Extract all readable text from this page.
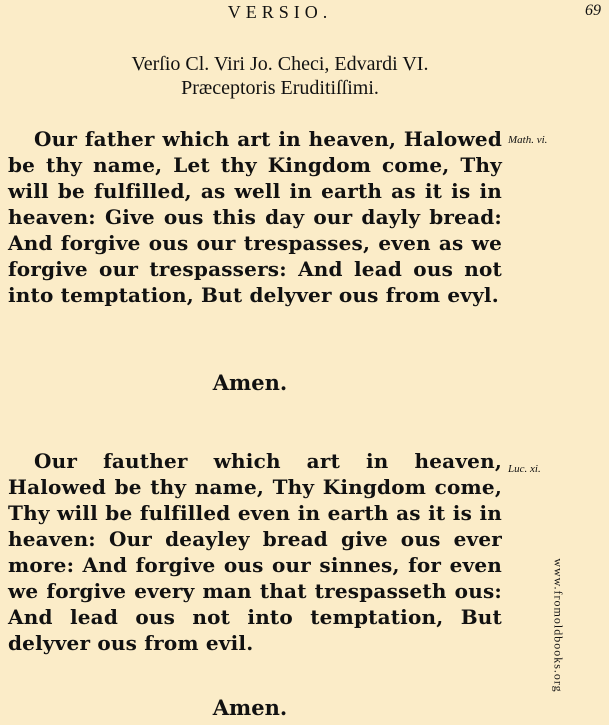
VERSIO.	69
Verſio Cl. Viri Jo. Checi, Edvardi VI.
Præceptoris Eruditiſſimi.
Math. vi.
Our father which art in heaven, Halowed be thy name, Let thy Kingdom come, Thy will be fulfilled, as well in earth as it is in heaven: Give ous this day our dayly bread: And forgive ous our trespasses, even as we forgive our trespassers: And lead ous not into temptation, But delyver ous from evyl.
Amen.
Luc. xi.
Our fauther which art in heaven, Halowed be thy name, Thy Kingdom come, Thy will be fulfilled even in earth as it is in heaven: Our deayley bread give ous ever more: And forgive ous our sinnes, for even we forgive every man that trespasseth ous: And lead ous not into temptation, But delyver ous from evil.
Amen.
www.fromoldbooks.org
